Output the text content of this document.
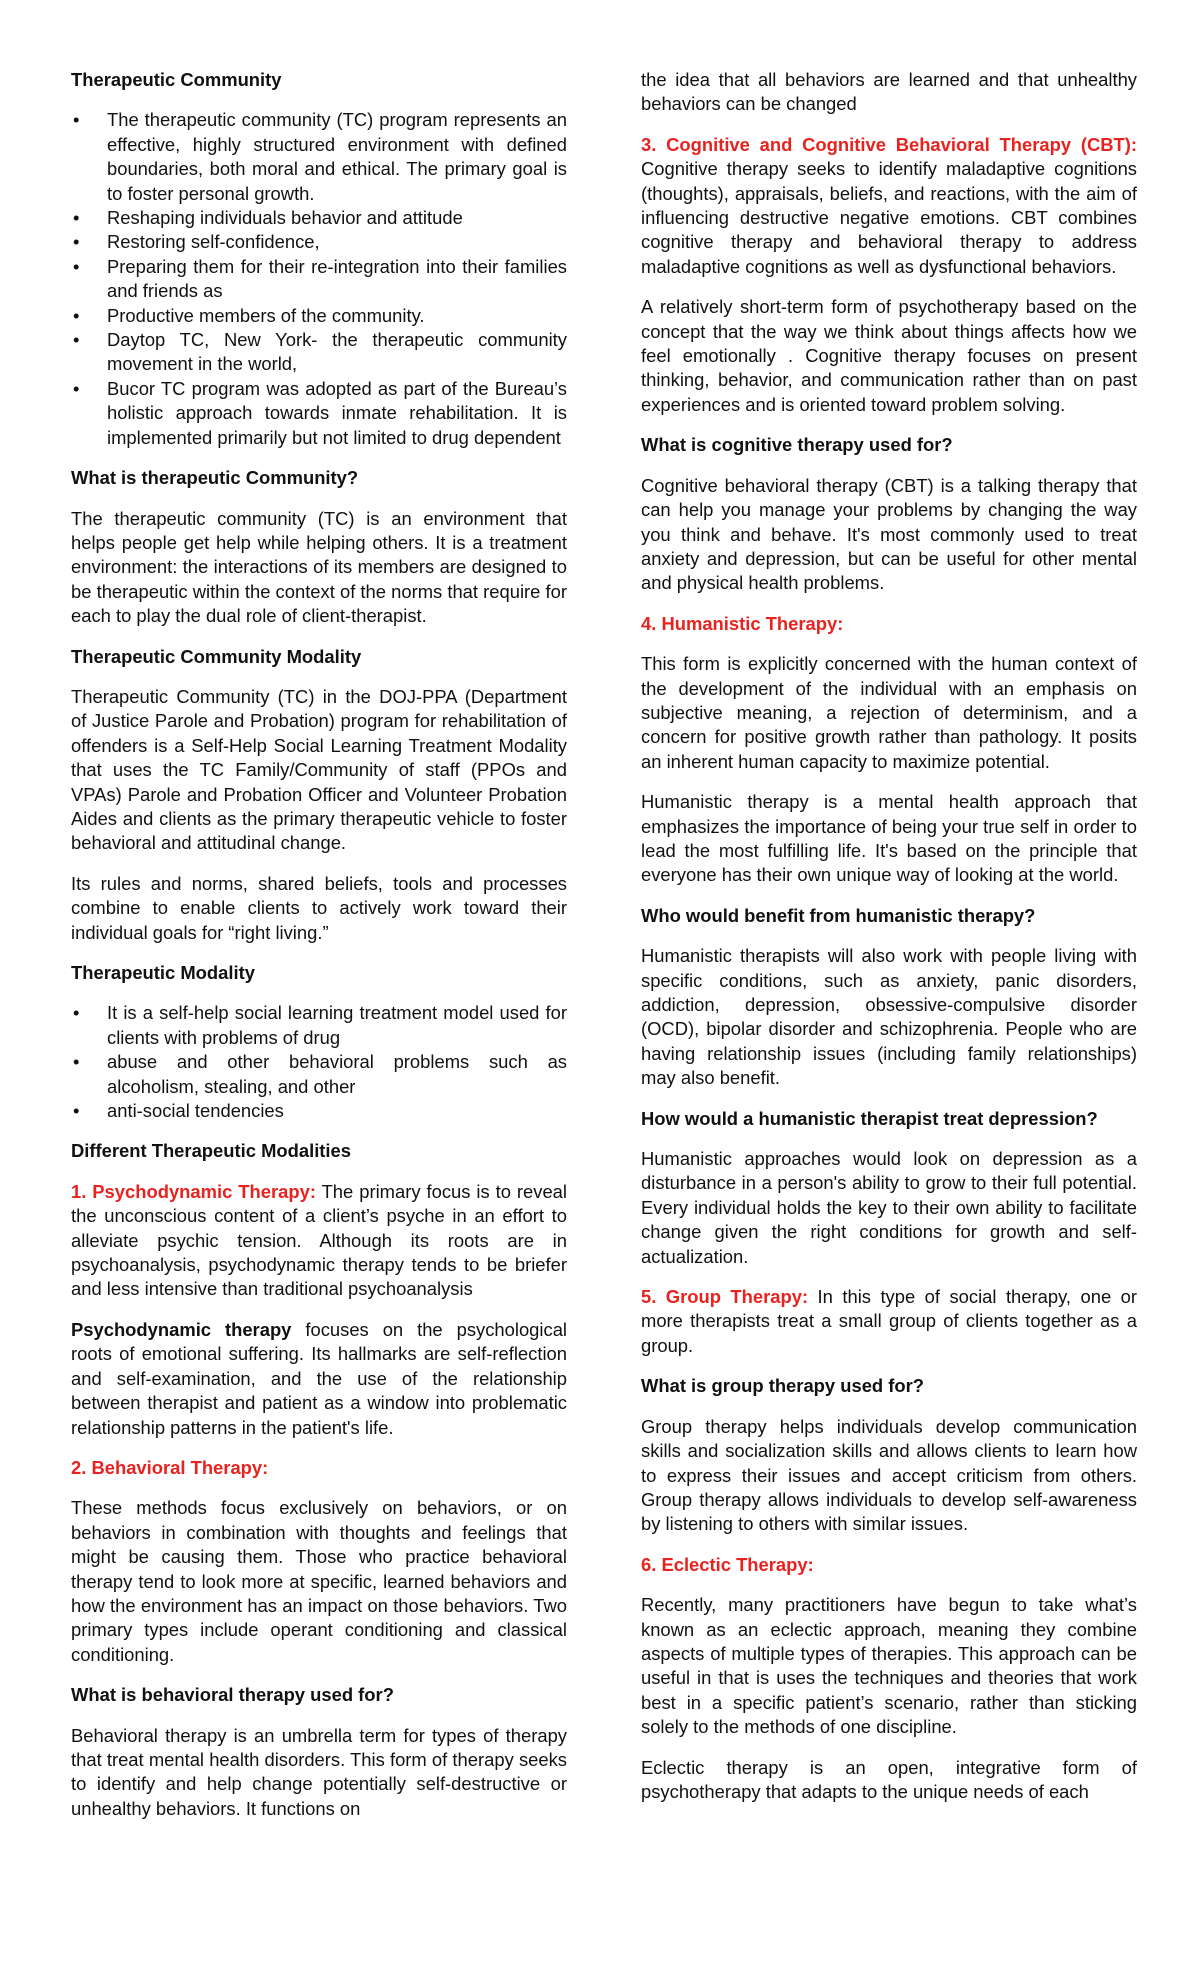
Therapeutic Community
• The therapeutic community (TC) program represents an effective, highly structured environment with defined boundaries, both moral and ethical. The primary goal is to foster personal growth.
• Reshaping individuals behavior and attitude
• Restoring self-confidence,
• Preparing them for their re-integration into their families and friends as
• Productive members of the community.
• Daytop TC, New York- the therapeutic community movement in the world,
• Bucor TC program was adopted as part of the Bureau’s holistic approach towards inmate rehabilitation. It is implemented primarily but not limited to drug dependent
What is therapeutic Community?

The therapeutic community (TC) is an environment that helps people get help while helping others. It is a treatment environment: the interactions of its members are designed to be therapeutic within the context of the norms that require for each to play the dual role of client-therapist.

Therapeutic Community Modality

Therapeutic Community (TC) in the DOJ-PPA (Department of Justice Parole and Probation) program for rehabilitation of offenders is a Self-Help Social Learning Treatment Modality that uses the TC Family/Community of staff (PPOs and VPAs) Parole and Probation Officer and Volunteer Probation Aides and clients as the primary therapeutic vehicle to foster behavioral and attitudinal change.

Its rules and norms, shared beliefs, tools and processes combine to enable clients to actively work toward their individual goals for “right living.”

Therapeutic Modality
• It is a self-help social learning treatment model used for clients with problems of drug
• abuse and other behavioral problems such as alcoholism, stealing, and other
• anti-social tendencies
Different Therapeutic Modalities

1. Psychodynamic Therapy: The primary focus is to reveal the unconscious content of a client’s psyche in an effort to alleviate psychic tension. Although its roots are in psychoanalysis, psychodynamic therapy tends to be briefer and less intensive than traditional psychoanalysis

Psychodynamic therapy focuses on the psychological roots of emotional suffering. Its hallmarks are self-reflection and self-examination, and the use of the relationship between therapist and patient as a window into problematic relationship patterns in the patient's life.

2. Behavioral Therapy:

These methods focus exclusively on behaviors, or on behaviors in combination with thoughts and feelings that might be causing them. Those who practice behavioral therapy tend to look more at specific, learned behaviors and how the environment has an impact on those behaviors. Two primary types include operant conditioning and classical conditioning.

What is behavioral therapy used for?

Behavioral therapy is an umbrella term for types of therapy that treat mental health disorders. This form of therapy seeks to identify and help change potentially self-destructive or unhealthy behaviors. It functions on

the idea that all behaviors are learned and that unhealthy behaviors can be changed

3. Cognitive and Cognitive Behavioral Therapy (CBT): Cognitive therapy seeks to identify maladaptive cognitions (thoughts), appraisals, beliefs, and reactions, with the aim of influencing destructive negative emotions. CBT combines cognitive therapy and behavioral therapy to address maladaptive cognitions as well as dysfunctional behaviors.

A relatively short-term form of psychotherapy based on the concept that the way we think about things affects how we feel emotionally . Cognitive therapy focuses on present thinking, behavior, and communication rather than on past experiences and is oriented toward problem solving.

What is cognitive therapy used for?

Cognitive behavioral therapy (CBT) is a talking therapy that can help you manage your problems by changing the way you think and behave. It's most commonly used to treat anxiety and depression, but can be useful for other mental and physical health problems.

4. Humanistic Therapy:

This form is explicitly concerned with the human context of the development of the individual with an emphasis on subjective meaning, a rejection of determinism, and a concern for positive growth rather than pathology. It posits an inherent human capacity to maximize potential.

Humanistic therapy is a mental health approach that emphasizes the importance of being your true self in order to lead the most fulfilling life. It's based on the principle that everyone has their own unique way of looking at the world.

Who would benefit from humanistic therapy?

Humanistic therapists will also work with people living with specific conditions, such as anxiety, panic disorders, addiction, depression, obsessive-compulsive disorder (OCD), bipolar disorder and schizophrenia. People who are having relationship issues (including family relationships) may also benefit.

How would a humanistic therapist treat depression?

Humanistic approaches would look on depression as a disturbance in a person's ability to grow to their full potential. Every individual holds the key to their own ability to facilitate change given the right conditions for growth and self-actualization.

5. Group Therapy: In this type of social therapy, one or more therapists treat a small group of clients together as a group.

What is group therapy used for?

Group therapy helps individuals develop communication skills and socialization skills and allows clients to learn how to express their issues and accept criticism from others. Group therapy allows individuals to develop self-awareness by listening to others with similar issues.

6. Eclectic Therapy:

Recently, many practitioners have begun to take what’s known as an eclectic approach, meaning they combine aspects of multiple types of therapies. This approach can be useful in that is uses the techniques and theories that work best in a specific patient’s scenario, rather than sticking solely to the methods of one discipline.

Eclectic therapy is an open, integrative form of psychotherapy that adapts to the unique needs of each
